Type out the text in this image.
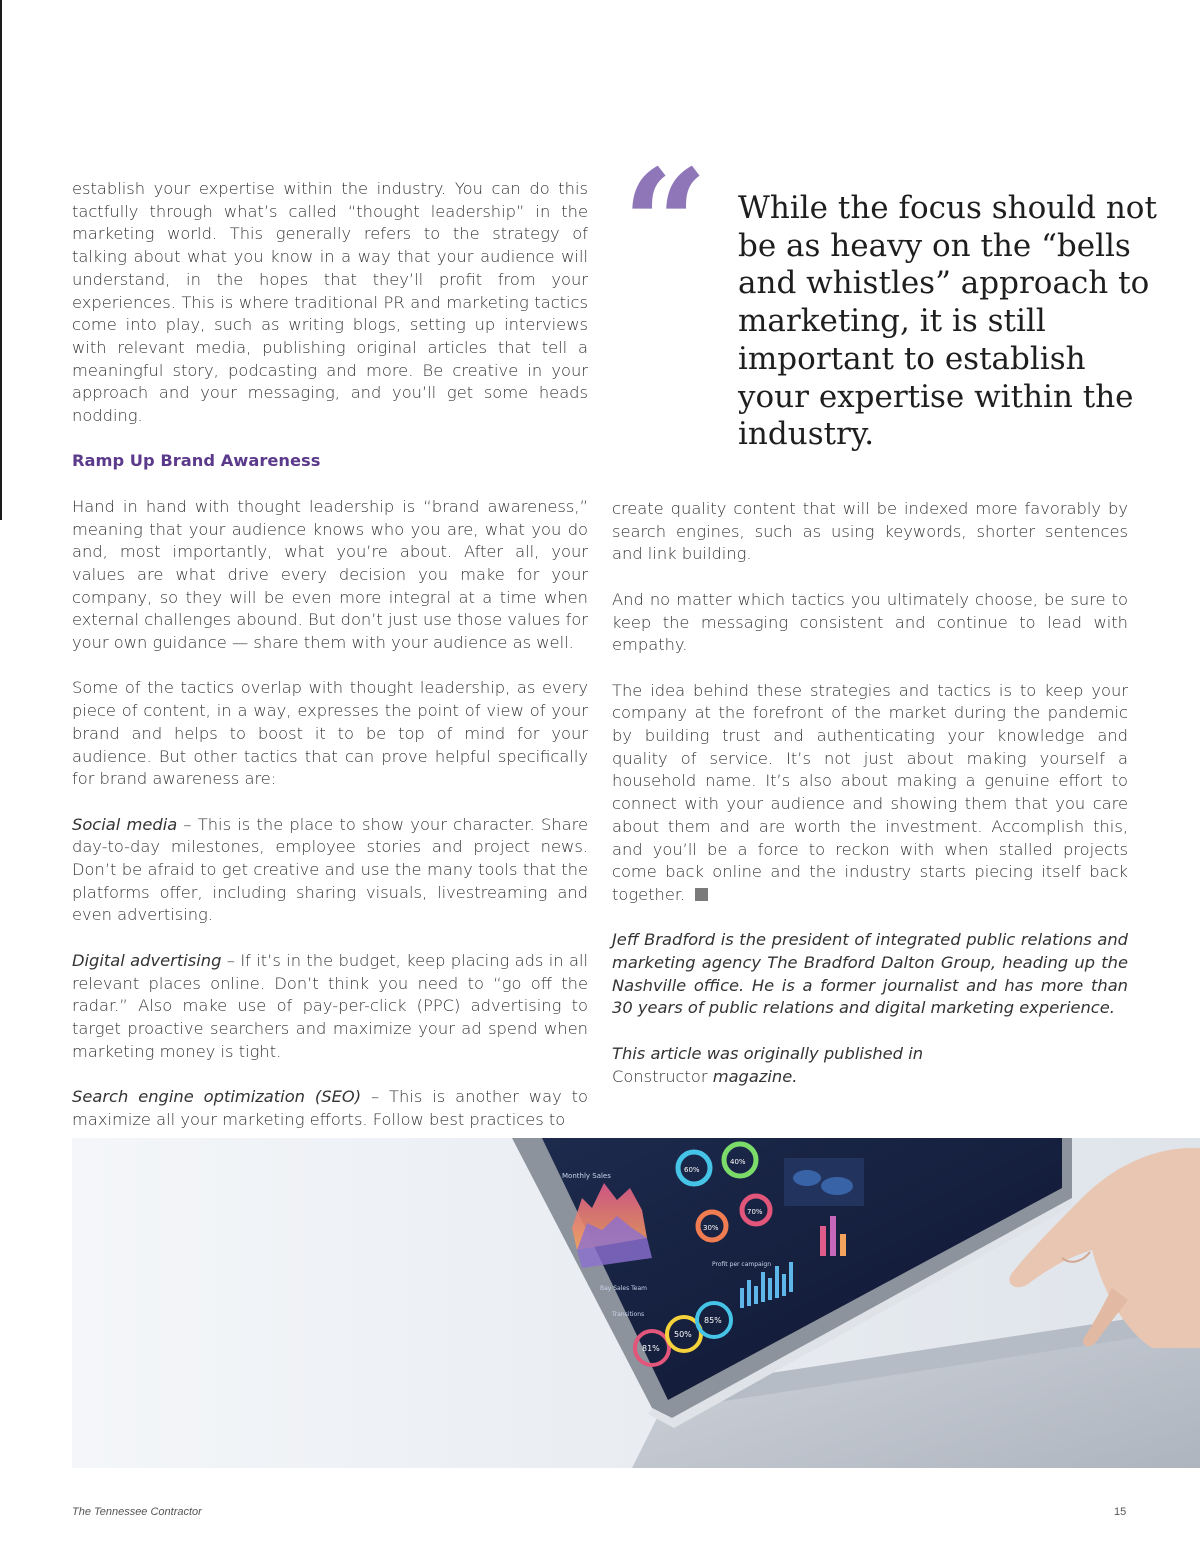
establish your expertise within the industry. You can do this tactfully through what’s called “thought leadership” in the marketing world. This generally refers to the strategy of talking about what you know in a way that your audience will understand, in the hopes that they’ll profit from your experiences. This is where traditional PR and marketing tactics come into play, such as writing blogs, setting up interviews with relevant media, publishing original articles that tell a meaningful story, podcasting and more. Be creative in your approach and your messaging, and you’ll get some heads nodding.

Ramp Up Brand Awareness

Hand in hand with thought leadership is “brand awareness,” meaning that your audience knows who you are, what you do and, most importantly, what you’re about. After all, your values are what drive every decision you make for your company, so they will be even more integral at a time when external challenges abound. But don’t just use those values for your own guidance — share them with your audience as well.

Some of the tactics overlap with thought leadership, as every piece of content, in a way, expresses the point of view of your brand and helps to boost it to be top of mind for your audience. But other tactics that can prove helpful specifically for brand awareness are:

Social media – This is the place to show your character. Share day-to-day milestones, employee stories and project news. Don’t be afraid to get creative and use the many tools that the platforms offer, including sharing visuals, livestreaming and even advertising.

Digital advertising – If it’s in the budget, keep placing ads in all relevant places online. Don’t think you need to “go off the radar.” Also make use of pay-per-click (PPC) advertising to target proactive searchers and maximize your ad spend when marketing money is tight.

Search engine optimization (SEO) – This is another way to maximize all your marketing efforts. Follow best practices to

“ While the focus should not be as heavy on the “bells and whistles” approach to marketing, it is still important to establish your expertise within the industry.

create quality content that will be indexed more favorably by search engines, such as using keywords, shorter sentences and link building.

And no matter which tactics you ultimately choose, be sure to keep the messaging consistent and continue to lead with empathy.

The idea behind these strategies and tactics is to keep your company at the forefront of the market during the pandemic by building trust and authenticating your knowledge and quality of service. It’s not just about making yourself a household name. It’s also about making a genuine effort to connect with your audience and showing them that you care about them and are worth the investment. Accomplish this, and you’ll be a force to reckon with when stalled projects come back online and the industry starts piecing itself back together.

Jeff Bradford is the president of integrated public relations and marketing agency The Bradford Dalton Group, heading up the Nashville office. He is a former journalist and has more than 30 years of public relations and digital marketing experience.

This article was originally published in
Constructor magazine.

Monthly Sales
60%
40%
30%
70%
Bay Sales Team
Profit per campaign
Transitions
81%
50%
85%
The Tennessee Contractor	15
